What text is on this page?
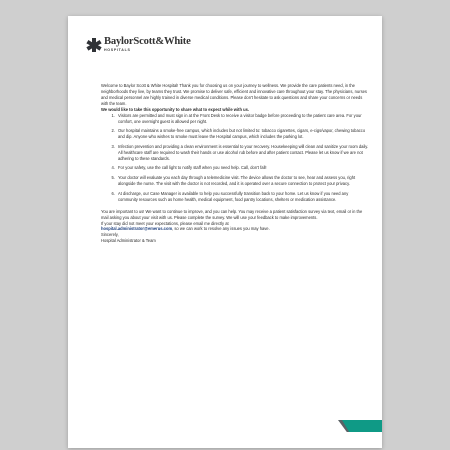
BaylorScott&White
HOSPITALS

Welcome to Baylor Scott & White Hospital! Thank you for choosing us on your journey to wellness. We provide the care patients need, in the neighborhoods they live, by teams they trust. We promise to deliver safe, efficient and innovative care throughout your stay. The physicians, nurses and medical personnel are highly trained in diverse medical conditions. Please don't hesitate to ask questions and share your concerns or needs with the team.

We would like to take this opportunity to share what to expect while with us.

1. Visitors are permitted and must sign in at the Front Desk to receive a visitor badge before proceeding to the patient care area. For your comfort, one overnight guest is allowed per night.
2. Our hospital maintains a smoke-free campus, which includes but not limited to: tobacco cigarettes, cigars, e-cigs/vapor, chewing tobacco and dip. Anyone who wishes to smoke must leave the Hospital campus, which includes the parking lot.
3. Infection prevention and providing a clean environment is essential to your recovery. Housekeeping will clean and sanitize your room daily. All healthcare staff are required to wash their hands or use alcohol rub before and after patient contact. Please let us know if we are not adhering to these standards.
4. For your safety, use the call light to notify staff when you need help. Call, don't fall!
5. Your doctor will evaluate you each day through a telemedicine visit. The device allows the doctor to see, hear and assess you, right alongside the nurse. The visit with the doctor is not recorded, and it is operated over a secure connection to protect your privacy.
6. At discharge, our Case Manager is available to help you successfully transition back to your home. Let us know if you need any community resources such as home health, medical equipment, food pantry locations, shelters or medication assistance.

You are important to us! We want to continue to improve, and you can help. You may receive a patient satisfaction survey via text, email or in the mail asking you about your visit with us. Please complete the survey. We will use your feedback to make improvements.

If your stay did not meet your expectations, please email me directly at
hospital.administrator@emerus.com, so we can work to resolve any issues you may have.

Sincerely,

Hospital Administrator & Team
